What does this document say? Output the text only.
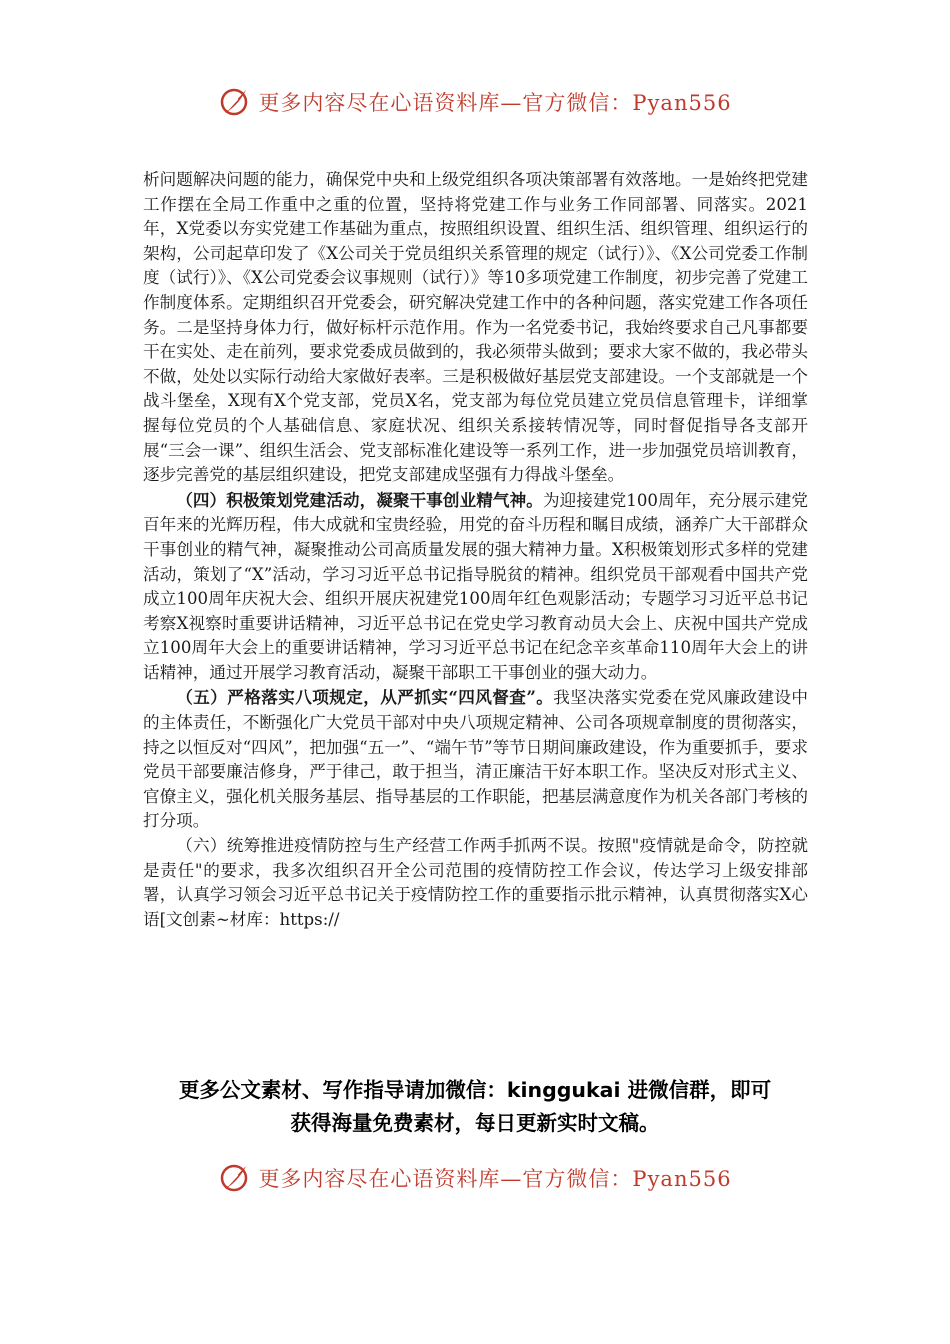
更多内容尽在心语资料库—官方微信：Pyan556

析问题解决问题的能力，确保党中央和上级党组织各项决策部署有效落地。一是始终把党建工作摆在全局工作重中之重的位置，坚持将党建工作与业务工作同部署、同落实。2021年，X党委以夯实党建工作基础为重点，按照组织设置、组织生活、组织管理、组织运行的架构，公司起草印发了《X公司关于党员组织关系管理的规定（试行）》、《X公司党委工作制度（试行）》、《X公司党委会议事规则（试行）》等10多项党建工作制度，初步完善了党建工作制度体系。定期组织召开党委会，研究解决党建工作中的各种问题，落实党建工作各项任务。二是坚持身体力行，做好标杆示范作用。作为一名党委书记，我始终要求自己凡事都要干在实处、走在前列，要求党委成员做到的，我必须带头做到；要求大家不做的，我必带头不做，处处以实际行动给大家做好表率。三是积极做好基层党支部建设。一个支部就是一个战斗堡垒，X现有X个党支部，党员X名，党支部为每位党员建立党员信息管理卡，详细掌握每位党员的个人基础信息、家庭状况、组织关系接转情况等，同时督促指导各支部开展“三会一课”、组织生活会、党支部标准化建设等一系列工作，进一步加强党员培训教育，逐步完善党的基层组织建设，把党支部建成坚强有力得战斗堡垒。

（四）积极策划党建活动，凝聚干事创业精气神。为迎接建党100周年，充分展示建党百年来的光辉历程，伟大成就和宝贵经验，用党的奋斗历程和瞩目成绩，涵养广大干部群众干事创业的精气神，凝聚推动公司高质量发展的强大精神力量。X积极策划形式多样的党建活动，策划了“X”活动，学习习近平总书记指导脱贫的精神。组织党员干部观看中国共产党成立100周年庆祝大会、组织开展庆祝建党100周年红色观影活动；专题学习习近平总书记考察X视察时重要讲话精神，习近平总书记在党史学习教育动员大会上、庆祝中国共产党成立100周年大会上的重要讲话精神，学习习近平总书记在纪念辛亥革命110周年大会上的讲话精神，通过开展学习教育活动，凝聚干部职工干事创业的强大动力。

（五）严格落实八项规定，从严抓实“四风督查”。我坚决落实党委在党风廉政建设中的主体责任，不断强化广大党员干部对中央八项规定精神、公司各项规章制度的贯彻落实，持之以恒反对“四风”，把加强“五一”、“端午节”等节日期间廉政建设，作为重要抓手，要求党员干部要廉洁修身，严于律己，敢于担当，清正廉洁干好本职工作。坚决反对形式主义、官僚主义，强化机关服务基层、指导基层的工作职能，把基层满意度作为机关各部门考核的打分项。

（六）统筹推进疫情防控与生产经营工作两手抓两不误。按照"疫情就是命令，防控就是责任"的要求，我多次组织召开全公司范围的疫情防控工作会议，传达学习上级安排部署，认真学习领会习近平总书记关于疫情防控工作的重要指示批示精神，认真贯彻落实X心语[文创素~材库：https://

更多公文素材、写作指导请加微信：kinggukai 进微信群，即可
获得海量免费素材，每日更新实时文稿。
更多内容尽在心语资料库—官方微信：Pyan556
